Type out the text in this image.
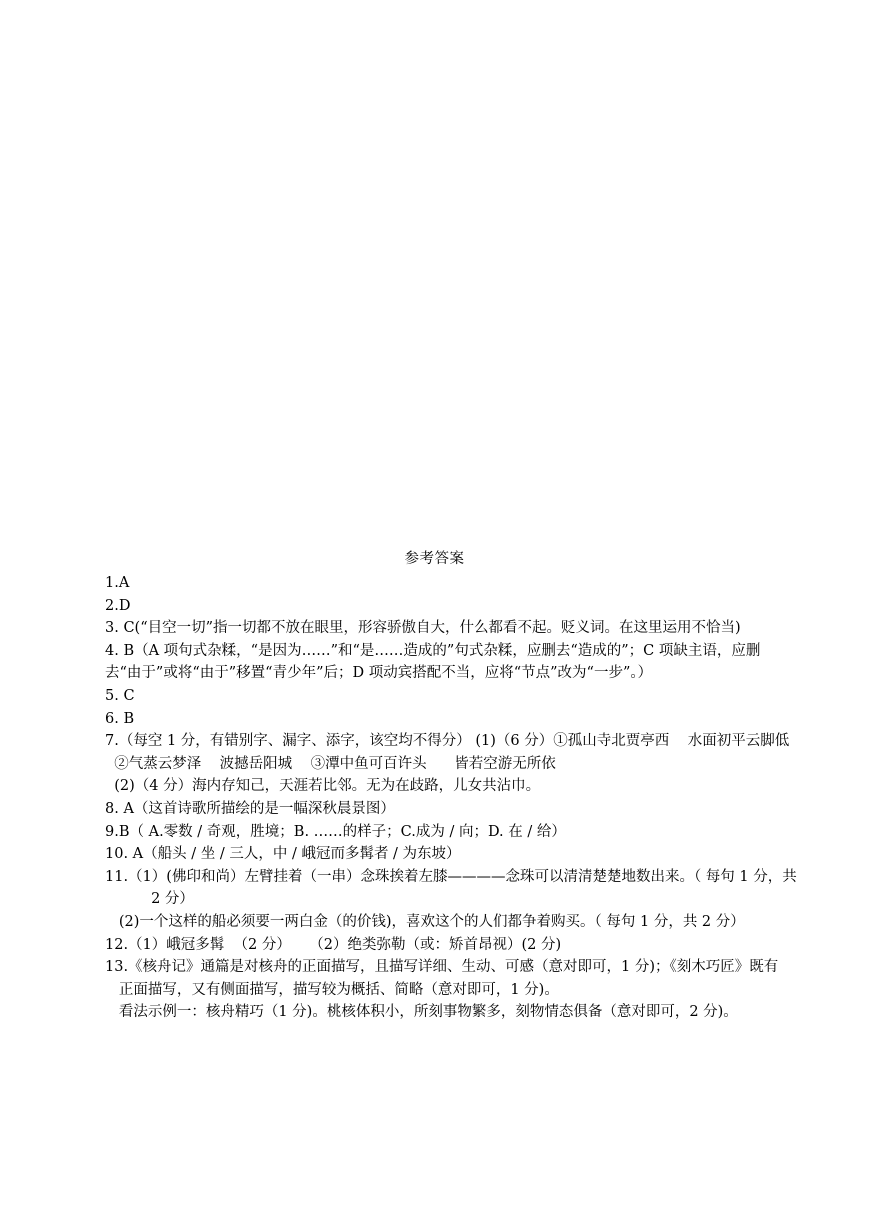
参考答案
1.A
2.D
3. C(“目空一切”指一切都不放在眼里，形容骄傲自大，什么都看不起。贬义词。在这里运用不恰当)
4. B（A 项句式杂糅，“是因为……”和“是……造成的”句式杂糅，应删去“造成的”；C 项缺主语，应删
去“由于”或将“由于”移置“青少年”后；D 项动宾搭配不当，应将“节点”改为“一步”。）
5. C
6. B
7.（每空 1 分，有错别字、漏字、添字，该空均不得分） (1)（6 分）①孤山寺北贾亭西    水面初平云脚低
②气蒸云梦泽    波撼岳阳城    ③潭中鱼可百许头      皆若空游无所依
(2)（4 分）海内存知己，天涯若比邻。无为在歧路，儿女共沾巾。
8. A（这首诗歌所描绘的是一幅深秋晨景图）
9.B（ A.零数 / 奇观，胜境；B. ……的样子；C.成为 / 向；D. 在 / 给）
10. A（船头 / 坐 / 三人，中 / 峨冠而多髯者 / 为东坡）
11.（1）(佛印和尚）左臂挂着（一串）念珠挨着左膝————念珠可以清清楚楚地数出来。（ 每句 1 分，共
2 分）
(2)一个这样的船必须要一两白金（的价钱)，喜欢这个的人们都争着购买。（ 每句 1 分，共 2 分）
12.（1）峨冠多髯  （2 分）    （2）绝类弥勒（或：矫首昂视）(2 分)
13.《核舟记》通篇是对核舟的正面描写，且描写详细、生动、可感（意对即可，1 分)；《刻木巧匠》既有
正面描写，又有侧面描写，描写较为概括、简略（意对即可，1 分)。
看法示例一：核舟精巧（1 分)。桃核体积小，所刻事物繁多，刻物情态俱备（意对即可，2 分)。
